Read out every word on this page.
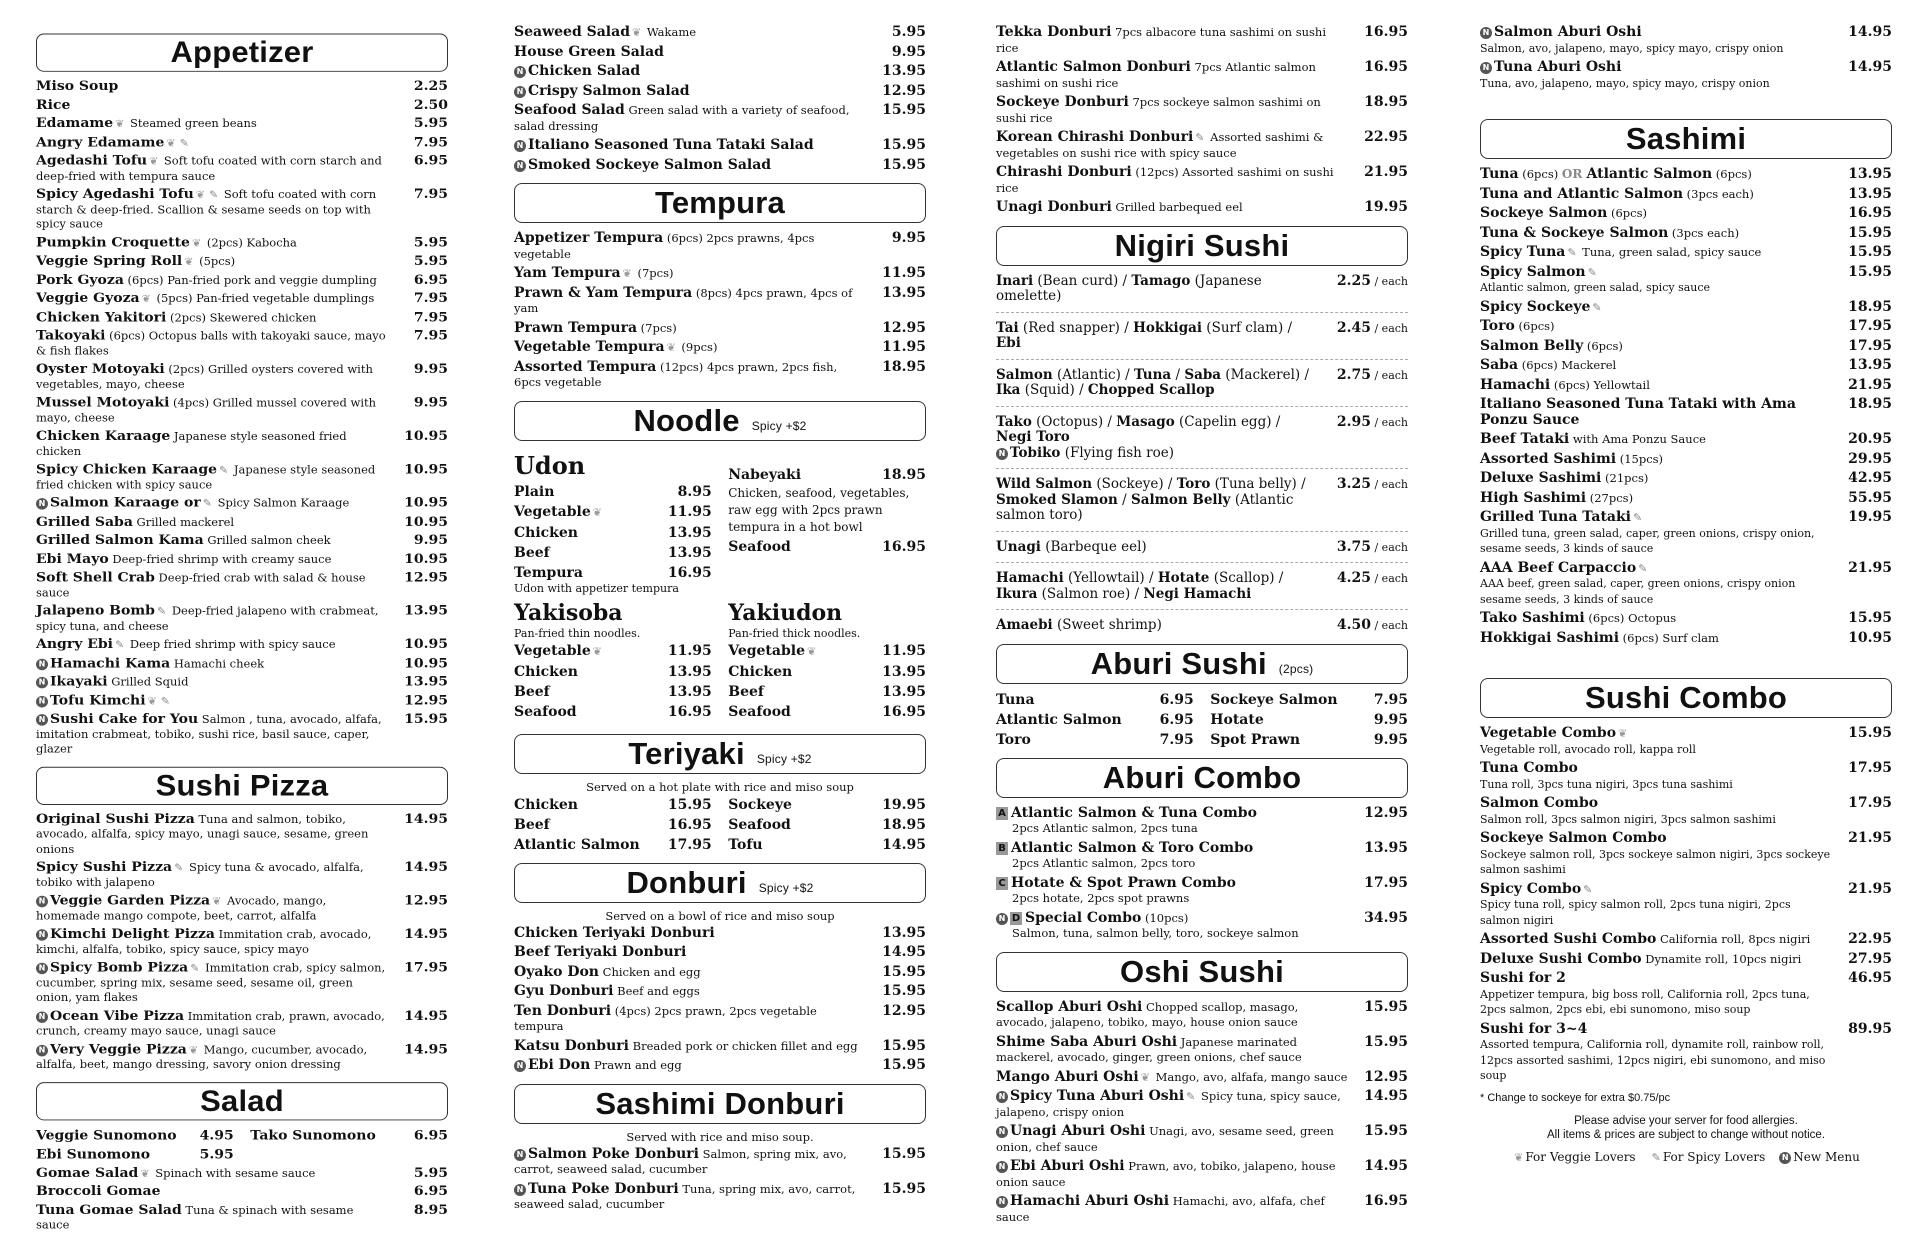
Appetizer
Miso Soup	2.25
Rice	2.50
Edamame ❦ Steamed green beans	5.95
Angry Edamame ❦ ✎	7.95
Agedashi Tofu ❦ Soft tofu coated with corn starch and deep-fried with tempura sauce
6.95
Spicy Agedashi Tofu ❦ ✎ Soft tofu coated with corn starch & deep-fried. Scallion & sesame seeds on top with spicy sauce
7.95
Pumpkin Croquette ❦ (2pcs) Kabocha	5.95
Veggie Spring Roll ❦ (5pcs)	5.95
Pork Gyoza (6pcs) Pan-fried pork and veggie dumpling	6.95
Veggie Gyoza ❦ (5pcs) Pan-fried vegetable dumplings	7.95
Chicken Yakitori (2pcs) Skewered chicken	7.95
Takoyaki (6pcs) Octopus balls with takoyaki sauce, mayo & fish flakes
7.95
Oyster Motoyaki (2pcs) Grilled oysters covered with vegetables, mayo, cheese
9.95
Mussel Motoyaki (4pcs) Grilled mussel covered with mayo, cheese
9.95
Chicken Karaage Japanese style seasoned fried chicken
10.95
Spicy Chicken Karaage ✎ Japanese style seasoned fried chicken with spicy sauce
10.95
N Salmon Karaage or ✎ Spicy Salmon Karaage	10.95
Grilled Saba Grilled mackerel	10.95
Grilled Salmon Kama Grilled salmon cheek	9.95
Ebi Mayo Deep-fried shrimp with creamy sauce	10.95
Soft Shell Crab Deep-fried crab with salad & house sauce
12.95
Jalapeno Bomb ✎ Deep-fried jalapeno with crabmeat, spicy tuna, and cheese
13.95
Angry Ebi ✎ Deep fried shrimp with spicy sauce	10.95
N Hamachi Kama Hamachi cheek	10.95
N Ikayaki Grilled Squid	13.95
N Tofu Kimchi ❦ ✎	12.95
N Sushi Cake for You Salmon , tuna, avocado, alfafa, imitation crabmeat, tobiko, sushi rice, basil sauce, caper, glazer
15.95
Sushi Pizza
Original Sushi Pizza Tuna and salmon, tobiko, avocado, alfalfa, spicy mayo, unagi sauce, sesame, green onions
14.95
Spicy Sushi Pizza ✎ Spicy tuna & avocado, alfalfa, tobiko with jalapeno
14.95
N Veggie Garden Pizza ❦ Avocado, mango, homemade mango compote, beet, carrot, alfalfa
12.95
N Kimchi Delight Pizza Immitation crab, avocado, kimchi, alfalfa, tobiko, spicy sauce, spicy mayo
14.95
N Spicy Bomb Pizza ✎ Immitation crab, spicy salmon, cucumber, spring mix, sesame seed, sesame oil, green onion, yam flakes
17.95
N Ocean Vibe Pizza Immitation crab, prawn, avocado, crunch, creamy mayo sauce, unagi sauce
14.95
N Very Veggie Pizza ❦ Mango, cucumber, avocado, alfalfa, beet, mango dressing, savory onion dressing
14.95
Salad
Veggie Sunomono 4.95 Tako Sunomono	6.95
Ebi Sunomono	5.95
Gomae Salad ❦ Spinach with sesame sauce	5.95
Broccoli Gomae	6.95
Tuna Gomae Salad Tuna & spinach with sesame sauce
8.95
Seaweed Salad ❦ Wakame	5.95
House Green Salad	9.95
N Chicken Salad	13.95
N Crispy Salmon Salad	12.95
Seafood Salad Green salad with a variety of seafood, salad dressing
15.95
N Italiano Seasoned Tuna Tataki Salad	15.95
N Smoked Sockeye Salmon Salad	15.95
Tempura
Appetizer Tempura (6pcs) 2pcs prawns, 4pcs vegetable
9.95
Yam Tempura ❦ (7pcs)	11.95
Prawn & Yam Tempura (8pcs) 4pcs prawn, 4pcs of yam
13.95
Prawn Tempura (7pcs)	12.95
Vegetable Tempura ❦ (9pcs)	11.95
Assorted Tempura (12pcs) 4pcs prawn, 2pcs fish, 6pcs vegetable
18.95
Noodle Spicy +$2
Udon
Plain	8.95
Vegetable ❦	11.95
Chicken	13.95
Beef	13.95
Tempura	16.95
Udon with appetizer tempura
Nabeyaki	18.95
Chicken, seafood, vegetables, raw egg with 2pcs prawn tempura in a hot bowl
Seafood	16.95
Yakisoba
Pan-fried thin noodles.
Vegetable ❦	11.95
Chicken	13.95
Beef	13.95
Seafood	16.95
Yakiudon
Pan-fried thick noodles.
Vegetable ❦	11.95
Chicken	13.95
Beef	13.95
Seafood	16.95
Teriyaki Spicy +$2
Served on a hot plate with rice and miso soup
Chicken	15.95 Sockeye	19.95
Beef	16.95 Seafood	18.95
Atlantic Salmon 17.95 Tofu	14.95
Donburi Spicy +$2
Served on a bowl of rice and miso soup
Chicken Teriyaki Donburi	13.95
Beef Teriyaki Donburi	14.95
Oyako Don Chicken and egg	15.95
Gyu Donburi Beef and eggs	15.95
Ten Donburi (4pcs) 2pcs prawn, 2pcs vegetable tempura
12.95
Katsu Donburi Breaded pork or chicken fillet and egg 15.95
N Ebi Don Prawn and egg	15.95
Sashimi Donburi
Served with rice and miso soup.
N Salmon Poke Donburi Salmon, spring mix, avo, carrot, seaweed salad, cucumber
15.95
N Tuna Poke Donburi Tuna, spring mix, avo, carrot, seaweed salad, cucumber
15.95
Tekka Donburi 7pcs albacore tuna sashimi on sushi rice
16.95
Atlantic Salmon Donburi 7pcs Atlantic salmon sashimi on sushi rice
16.95
Sockeye Donburi 7pcs sockeye salmon sashimi on sushi rice
18.95
Korean Chirashi Donburi ✎ Assorted sashimi & vegetables on sushi rice with spicy sauce
22.95
Chirashi Donburi (12pcs) Assorted sashimi on sushi rice
21.95
Unagi Donburi Grilled barbequed eel	19.95
Nigiri Sushi
Inari (Bean curd) / Tamago (Japanese omelette)
2.25 / each
Tai (Red snapper) / Hokkigai (Surf clam) / Ebi
2.45 / each
Salmon (Atlantic) / Tuna / Saba (Mackerel) / Ika (Squid) / Chopped Scallop
2.75 / each
Tako (Octopus) / Masago (Capelin egg) / Negi Toro
N Tobiko (Flying fish roe)
2.95 / each
Wild Salmon (Sockeye) / Toro (Tuna belly) / Smoked Slamon / Salmon Belly (Atlantic salmon toro)
3.25 / each
Unagi (Barbeque eel)	3.75 / each
Hamachi (Yellowtail) / Hotate (Scallop) / Ikura (Salmon roe) / Negi Hamachi
4.25 / each
Amaebi (Sweet shrimp)	4.50 / each
Aburi Sushi (2pcs)
Tuna	6.95 Sockeye Salmon	7.95
Atlantic Salmon	6.95 Hotate	9.95
Toro	7.95 Spot Prawn	9.95
Aburi Combo
A Atlantic Salmon & Tuna Combo
2pcs Atlantic salmon, 2pcs tuna
12.95
B Atlantic Salmon & Toro Combo
2pcs Atlantic salmon, 2pcs toro
13.95
C Hotate & Spot Prawn Combo
2pcs hotate, 2pcs spot prawns
17.95
N D Special Combo (10pcs)
Salmon, tuna, salmon belly, toro, sockeye salmon
34.95
Oshi Sushi
Scallop Aburi Oshi Chopped scallop, masago, avocado, jalapeno, tobiko, mayo, house onion sauce
15.95
Shime Saba Aburi Oshi Japanese marinated mackerel, avocado, ginger, green onions, chef sauce
15.95
Mango Aburi Oshi ❦ Mango, avo, alfafa, mango sauce 12.95
N Spicy Tuna Aburi Oshi ✎ Spicy tuna, spicy sauce, jalapeno, crispy onion
14.95
N Unagi Aburi Oshi Unagi, avo, sesame seed, green onion, chef sauce
15.95
N Ebi Aburi Oshi Prawn, avo, tobiko, jalapeno, house onion sauce
14.95
N Hamachi Aburi Oshi Hamachi, avo, alfafa, chef sauce
16.95
N Salmon Aburi Oshi
Salmon, avo, jalapeno, mayo, spicy mayo, crispy onion
14.95
N Tuna Aburi Oshi
Tuna, avo, jalapeno, mayo, spicy mayo, crispy onion
14.95
Sashimi
Tuna (6pcs) OR Atlantic Salmon (6pcs)	13.95
Tuna and Atlantic Salmon (3pcs each)	13.95
Sockeye Salmon (6pcs)	16.95
Tuna & Sockeye Salmon (3pcs each)	15.95
Spicy Tuna ✎ Tuna, green salad, spicy sauce	15.95
Spicy Salmon ✎
Atlantic salmon, green salad, spicy sauce
15.95
Spicy Sockeye ✎	18.95
Toro (6pcs)	17.95
Salmon Belly (6pcs)	17.95
Saba (6pcs) Mackerel	13.95
Hamachi (6pcs) Yellowtail	21.95
Italiano Seasoned Tuna Tataki with Ama Ponzu Sauce
18.95
Beef Tataki with Ama Ponzu Sauce	20.95
Assorted Sashimi (15pcs)	29.95
Deluxe Sashimi (21pcs)	42.95
High Sashimi (27pcs)	55.95
Grilled Tuna Tataki ✎
Grilled tuna, green salad, caper, green onions, crispy onion, sesame seeds, 3 kinds of sauce
19.95
AAA Beef Carpaccio ✎
AAA beef, green salad, caper, green onions, crispy onion sesame seeds, 3 kinds of sauce
21.95
Tako Sashimi (6pcs) Octopus	15.95
Hokkigai Sashimi (6pcs) Surf clam	10.95
Sushi Combo
Vegetable Combo ❦
Vegetable roll, avocado roll, kappa roll
15.95
Tuna Combo
Tuna roll, 3pcs tuna nigiri, 3pcs tuna sashimi
17.95
Salmon Combo
Salmon roll, 3pcs salmon nigiri, 3pcs salmon sashimi
17.95
Sockeye Salmon Combo
Sockeye salmon roll, 3pcs sockeye salmon nigiri, 3pcs sockeye salmon sashimi
21.95
Spicy Combo ✎
Spicy tuna roll, spicy salmon roll, 2pcs tuna nigiri, 2pcs salmon nigiri
21.95
Assorted Sushi Combo California roll, 8pcs nigiri	22.95
Deluxe Sushi Combo Dynamite roll, 10pcs nigiri	27.95
Sushi for 2
Appetizer tempura, big boss roll, California roll, 2pcs tuna, 2pcs salmon, 2pcs ebi, ebi sunomono, miso soup
46.95
Sushi for 3~4
Assorted tempura, California roll, dynamite roll, rainbow roll, 12pcs assorted sashimi, 12pcs nigiri, ebi sunomono, and miso soup
89.95
* Change to sockeye for extra $0.75/pc
Please advise your server for food allergies.
All items & prices are subject to change without notice.
❦ For Veggie Lovers ✎ For Spicy Lovers	N New Menu
